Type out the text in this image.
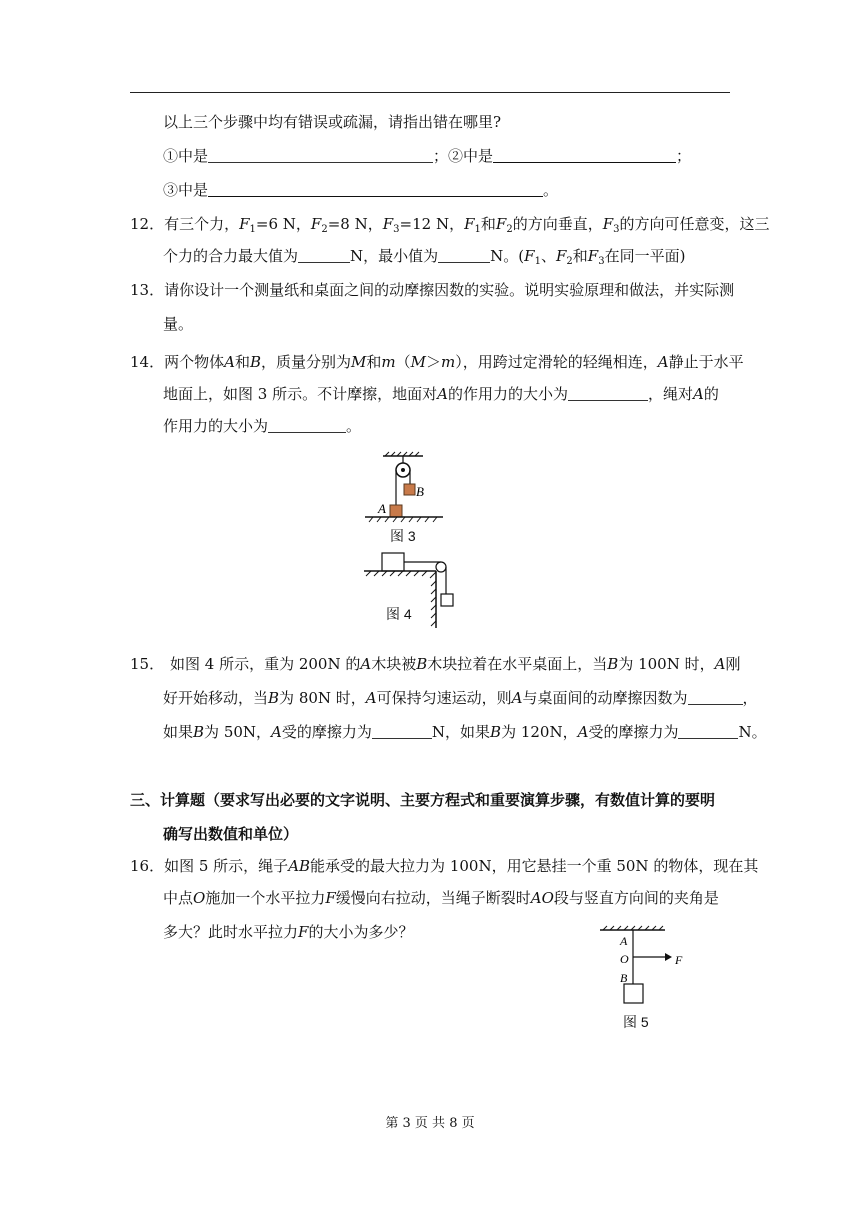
以上三个步骤中均有错误或疏漏，请指出错在哪里?
①中是	；②中是	；
③中是	。
12．有三个力，$F_1=6$ N，$F_2=8$ N，$F_3=12$ N，$F_1$和$F_2$的方向垂直，$F_3$的方向可任意变，这三
个力的合力最大值为	N，最小值为	N。($F_1$、$F_2$和$F_3$在同一平面)
13．请你设计一个测量纸和桌面之间的动摩擦因数的实验。说明实验原理和做法，并实际测
量。
14．两个物体A和B，质量分别为M和m（M＞m），用跨过定滑轮的轻绳相连，A静止于水平
地面上，如图 3 所示。不计摩擦，地面对A的作用力的大小为	，绳对A的
作用力的大小为	。
A
B
图 3
图 4
15． 如图 4 所示，重为 200N 的A木块被B木块拉着在水平桌面上，当B为 100N 时，A刚
好开始移动，当B为 80N 时，A可保持匀速运动，则A与桌面间的动摩擦因数为	，
如果B为 50N，A受的摩擦力为	N，如果B为 120N，A受的摩擦力为	N。
三、计算题（要求写出必要的文字说明、主要方程式和重要演算步骤，有数值计算的要明
确写出数值和单位）
16．如图 5 所示，绳子AB能承受的最大拉力为 100N，用它悬挂一个重 50N 的物体，现在其
中点O施加一个水平拉力F缓慢向右拉动，当绳子断裂时AO段与竖直方向间的夹角是
多大？此时水平拉力F的大小为多少？	A
O
B
F
图 5
第 3 页 共 8 页
